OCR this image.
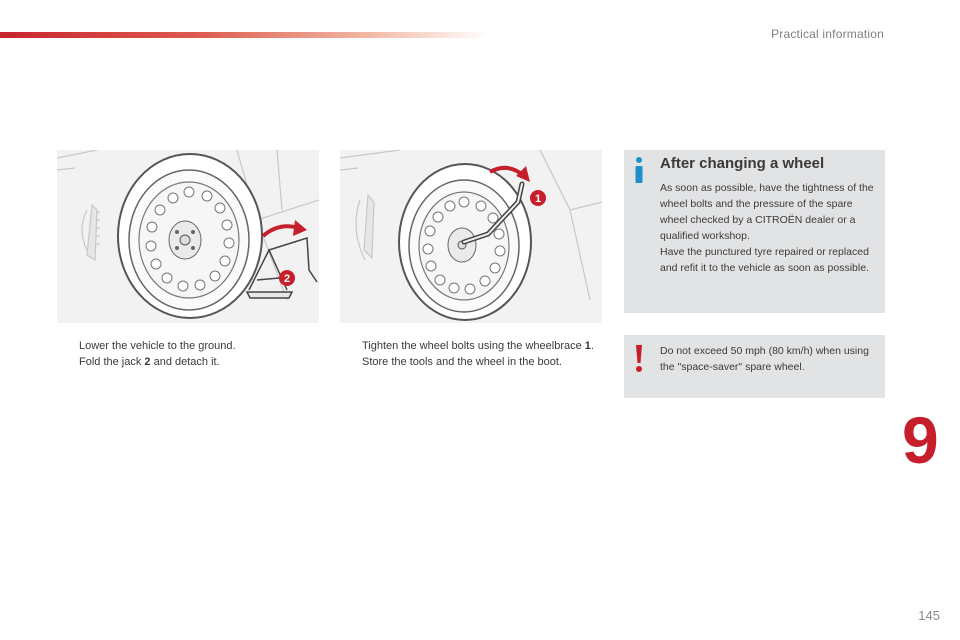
Practical information
2
1

Lower the vehicle to the ground.

Fold the jack 2 and detach it.

Tighten the wheel bolts using the wheelbrace 1.

Store the tools and the wheel in the boot.

After changing a wheel

As soon as possible, have the tightness of the wheel bolts and the pressure of the spare wheel checked by a CITROËN dealer or a qualified workshop.

Have the punctured tyre repaired or replaced and refit it to the vehicle as soon as possible.

Do not exceed 50 mph (80 km/h) when using the "space-saver" spare wheel.
9
145
